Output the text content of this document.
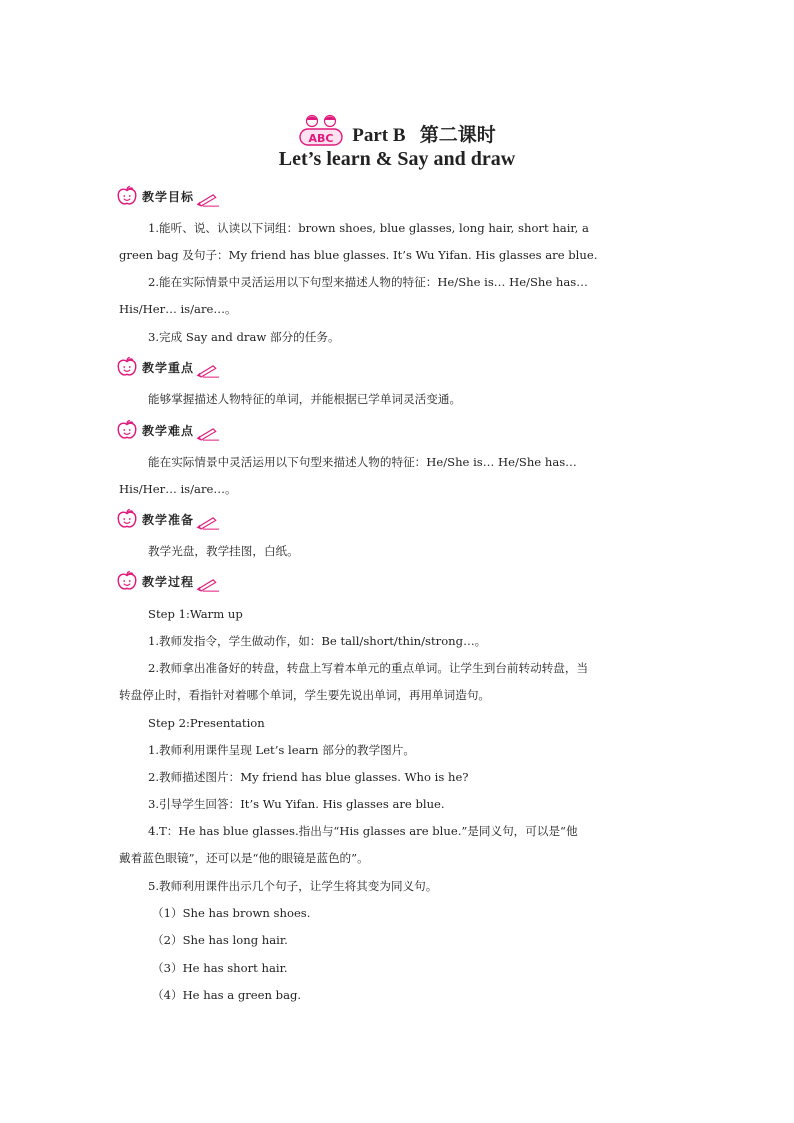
ABC Part B   第二课时
Let’s learn & Say and draw
教学目标
1.能听、说、认读以下词组：brown shoes, blue glasses, long hair, short hair, a
green bag 及句子：My friend has blue glasses. It’s Wu Yifan. His glasses are blue.
2.能在实际情景中灵活运用以下句型来描述人物的特征：He/She is… He/She has…
His/Her… is/are…。
3.完成 Say and draw 部分的任务。
教学重点
能够掌握描述人物特征的单词，并能根据已学单词灵活变通。
教学难点
能在实际情景中灵活运用以下句型来描述人物的特征：He/She is… He/She has…
His/Her… is/are…。
教学准备
教学光盘，教学挂图，白纸。
教学过程
Step 1:Warm up
1.教师发指令，学生做动作，如：Be tall/short/thin/strong…。
2.教师拿出准备好的转盘，转盘上写着本单元的重点单词。让学生到台前转动转盘，当
转盘停止时，看指针对着哪个单词，学生要先说出单词，再用单词造句。
Step 2:Presentation
1.教师利用课件呈现 Let’s learn 部分的教学图片。
2.教师描述图片：My friend has blue glasses. Who is he?
3.引导学生回答：It’s Wu Yifan. His glasses are blue.
4.T：He has blue glasses.指出与“His glasses are blue.”是同义句，可以是“他
戴着蓝色眼镜”，还可以是“他的眼镜是蓝色的”。
5.教师利用课件出示几个句子，让学生将其变为同义句。
（1）She has brown shoes.
（2）She has long hair.
（3）He has short hair.
（4）He has a green bag.
